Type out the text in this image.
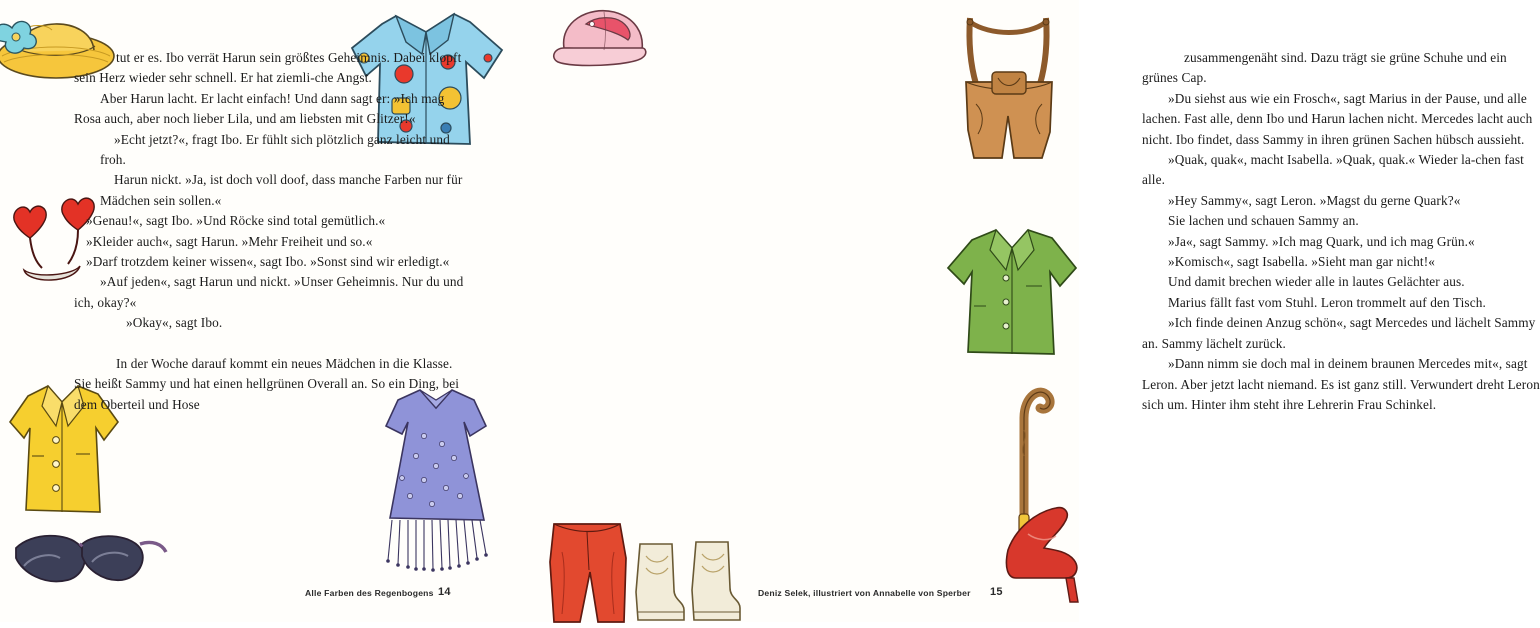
tut er es. Ibo verrät Harun sein größtes Geheimnis. Dabei klopft sein Herz wieder sehr schnell. Er hat ziemli-che Angst.

Aber Harun lacht. Er lacht einfach! Und dann sagt er: »Ich mag Rosa auch, aber noch lieber Lila, und am liebsten mit Glitzer!«

»Echt jetzt?«, fragt Ibo. Er fühlt sich plötzlich ganz leicht und froh.

Harun nickt. »Ja, ist doch voll doof, dass manche Farben nur für Mädchen sein sollen.«

»Genau!«, sagt Ibo. »Und Röcke sind total gemütlich.«

»Kleider auch«, sagt Harun. »Mehr Freiheit und so.«

»Darf trotzdem keiner wissen«, sagt Ibo. »Sonst sind wir erledigt.«

»Auf jeden«, sagt Harun und nickt. »Unser Geheimnis. Nur du und ich, okay?«

»Okay«, sagt Ibo.

In der Woche darauf kommt ein neues Mädchen in die Klasse. Sie heißt Sammy und hat einen hellgrünen Overall an. So ein Ding, bei dem Oberteil und Hose

Alle Farben des Regenbogens 14

zusammengenäht sind. Dazu trägt sie grüne Schuhe und ein grünes Cap.

»Du siehst aus wie ein Frosch«, sagt Marius in der Pause, und alle lachen. Fast alle, denn Ibo und Harun lachen nicht. Mercedes lacht auch nicht. Ibo findet, dass Sammy in ihren grünen Sachen hübsch aussieht.

»Quak, quak«, macht Isabella. »Quak, quak.« Wieder la-chen fast alle.

»Hey Sammy«, sagt Leron. »Magst du gerne Quark?«

Sie lachen und schauen Sammy an.

»Ja«, sagt Sammy. »Ich mag Quark, und ich mag Grün.«

»Komisch«, sagt Isabella. »Sieht man gar nicht!«

Und damit brechen wieder alle in lautes Gelächter aus.

Marius fällt fast vom Stuhl. Leron trommelt auf den Tisch.

»Ich finde deinen Anzug schön«, sagt Mercedes und lächelt Sammy an. Sammy lächelt zurück.

»Dann nimm sie doch mal in deinem braunen Mercedes mit«, sagt Leron. Aber jetzt lacht niemand. Es ist ganz still. Verwundert dreht Leron sich um. Hinter ihm steht ihre Lehrerin Frau Schinkel.

Deniz Selek, illustriert von Annabelle von Sperber 15
